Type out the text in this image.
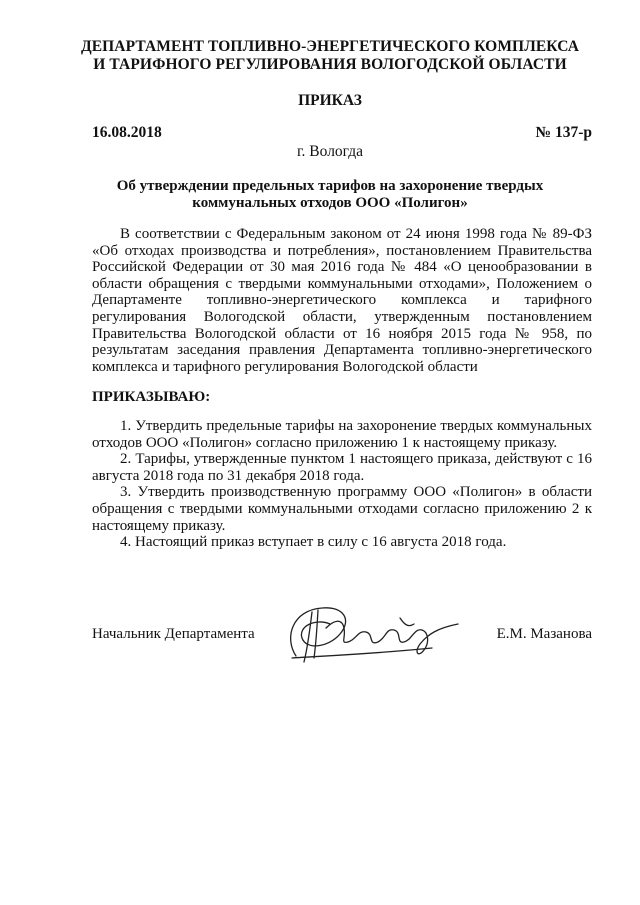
ДЕПАРТАМЕНТ ТОПЛИВНО-ЭНЕРГЕТИЧЕСКОГО КОМПЛЕКСА
И ТАРИФНОГО РЕГУЛИРОВАНИЯ ВОЛОГОДСКОЙ ОБЛАСТИ
ПРИКАЗ
16.08.2018	№ 137-р
г. Вологда
Об утверждении предельных тарифов на захоронение твердых
коммунальных отходов ООО «Полигон»
В соответствии с Федеральным законом от 24 июня 1998 года № 89-ФЗ «Об отходах производства и потребления», постановлением Правительства Российской Федерации от 30 мая 2016 года № 484 «О ценообразовании в области обращения с твердыми коммунальными отходами», Положением о Департаменте топливно-энергетического комплекса и тарифного регулирования Вологодской области, утвержденным постановлением Правительства Вологодской области от 16 ноября 2015 года № 958, по результатам заседания правления Департамента топливно-энергетического комплекса и тарифного регулирования Вологодской области
ПРИКАЗЫВАЮ:

1. Утвердить предельные тарифы на захоронение твердых коммунальных отходов ООО «Полигон» согласно приложению 1 к настоящему приказу.

2. Тарифы, утвержденные пунктом 1 настоящего приказа, действуют с 16 августа 2018 года по 31 декабря 2018 года.

3. Утвердить производственную программу ООО «Полигон» в области обращения с твердыми коммунальными отходами согласно приложению 2 к настоящему приказу.

4. Настоящий приказ вступает в силу с 16 августа 2018 года.

Начальник Департамента	Е.М. Мазанова
